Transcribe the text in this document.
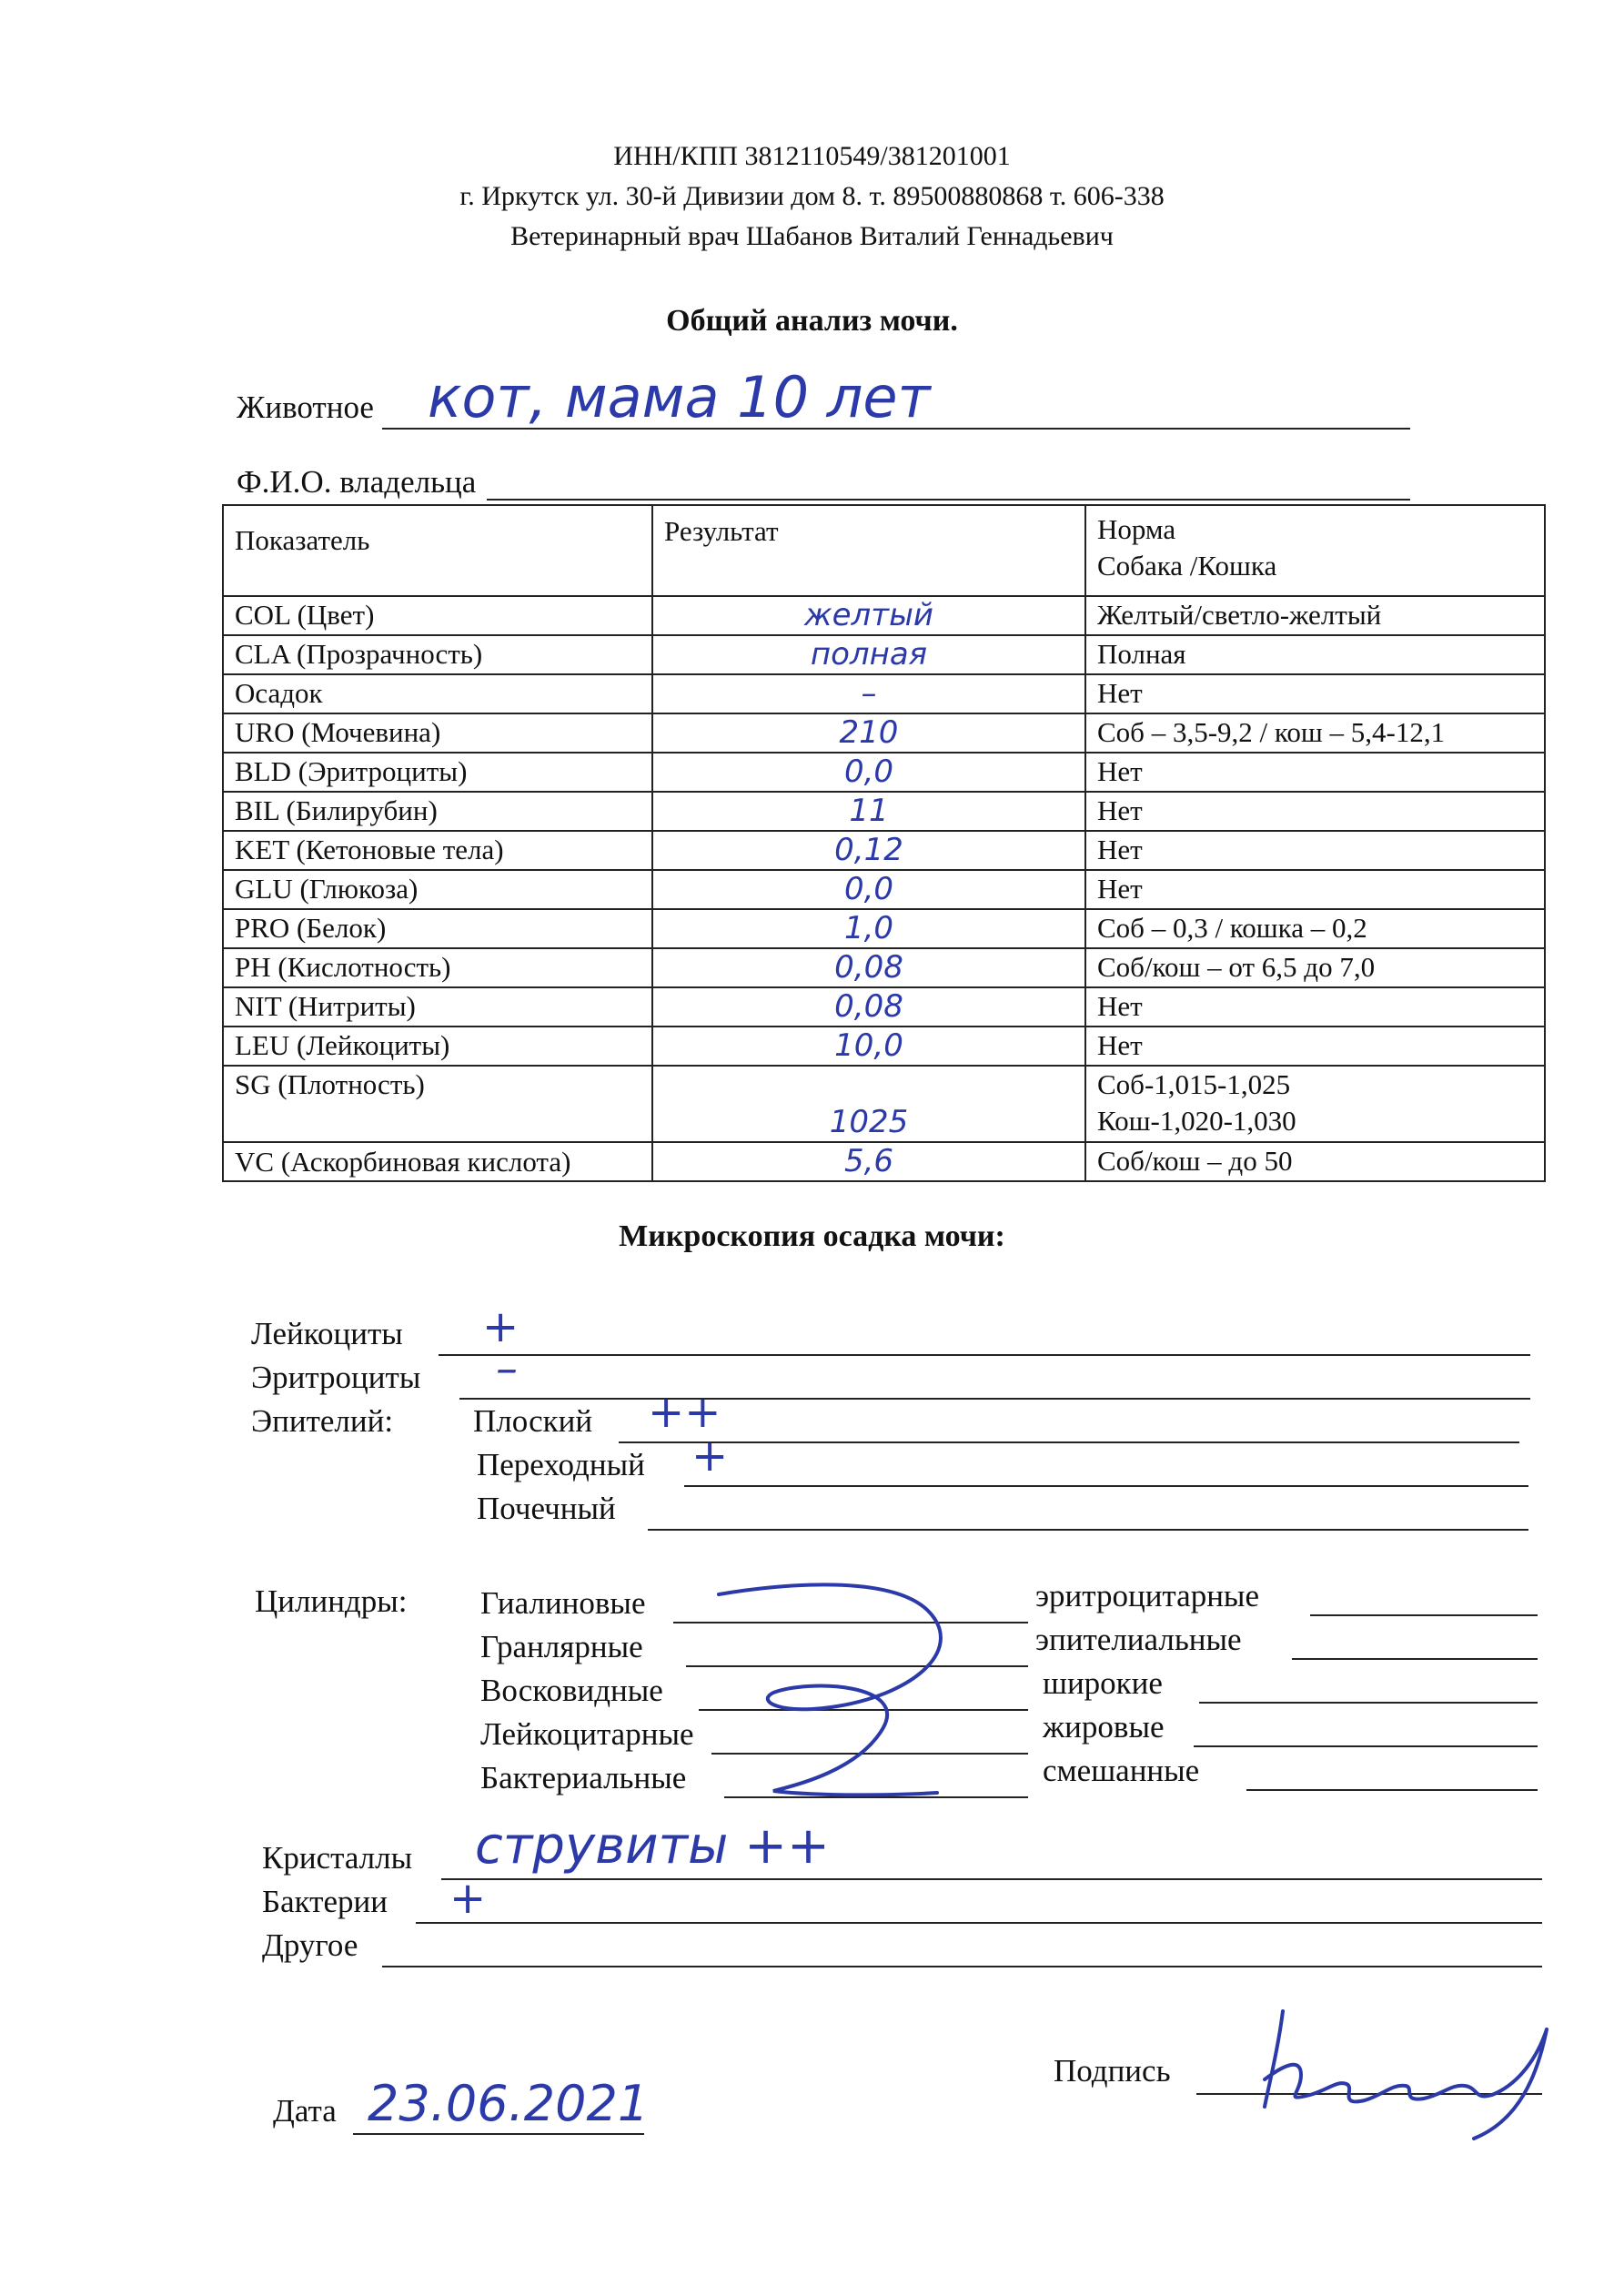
ИНН/КПП 3812110549/381201001
г. Иркутск ул. 30-й Дивизии дом 8. т. 89500880868 т. 606-338
Ветеринарный врач Шабанов Виталий Геннадьевич
Общий анализ мочи.
Животное кот, мама 10 лет
Ф.И.О. владельца
Показатель	Результат	Норма
Собака /Кошка

COL (Цвет)	желтый	Желтый/светло-желтый

CLA (Прозрачность)	полная	Полная

Осадок	–	Нет

URO (Мочевина)	210	Соб – 3,5-9,2 / кош – 5,4-12,1

BLD (Эритроциты)	0,0	Нет

BIL (Билирубин)	11	Нет

KET (Кетоновые тела)	0,12	Нет

GLU (Глюкоза)	0,0	Нет

PRO (Белок)	1,0	Соб – 0,3 / кошка – 0,2

PH (Кислотность)	0,08	Соб/кош – от 6,5 до 7,0

NIT (Нитриты)	0,08	Нет

LEU (Лейкоциты)	10,0	Нет

SG (Плотность)	1025	Соб-1,015-1,025
Кош-1,020-1,030

VC (Аскорбиновая кислота)	5,6	Соб/кош – до 50
Микроскопия осадка мочи:
Лейкоциты +
Эритроциты –
Эпителий:	Плоский ++
Переходный +
Почечный
Цилиндры: Гиалиновые
Гранлярные
Восковидные
Лейкоцитарные
Бактериальные
эритроцитарные
эпителиальные
широкие
жировые
смешанные
Кристаллы струвиты ++
Бактерии +
Другое
Дата 23.06.2021
Подпись
